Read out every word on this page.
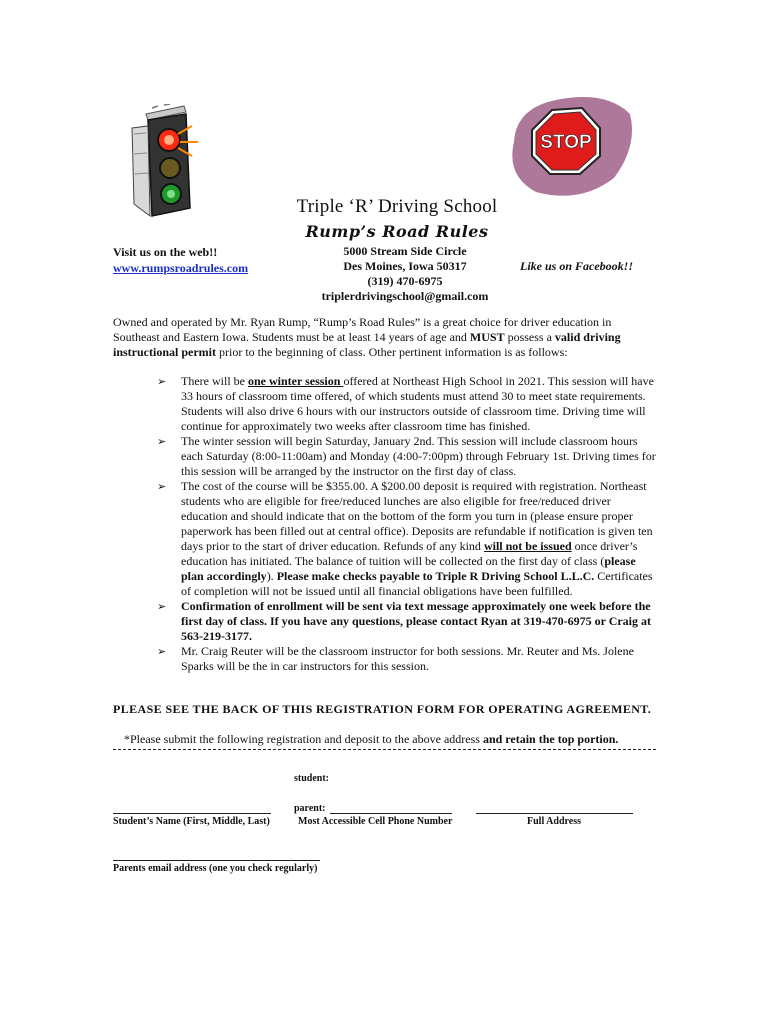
STOP
Triple ‘R’ Driving School
Rump’s Road Rules
Visit us on the web!!
www.rumpsroadrules.com
5000 Stream Side Circle
Des Moines, Iowa 50317
(319) 470-6975
triplerdrivingschool@gmail.com
Like us on Facebook!!
Owned and operated by Mr. Ryan Rump, “Rump’s Road Rules” is a great choice for driver education in Southeast and Eastern Iowa. Students must be at least 14 years of age and MUST possess a valid driving instructional permit prior to the beginning of class. Other pertinent information is as follows:
➢ There will be one winter session offered at Northeast High School in 2021. This session will have 33 hours of classroom time offered, of which students must attend 30 to meet state requirements. Students will also drive 6 hours with our instructors outside of classroom time. Driving time will continue for approximately two weeks after classroom time has finished.
➢ The winter session will begin Saturday, January 2nd. This session will include classroom hours each Saturday (8:00-11:00am) and Monday (4:00-7:00pm) through February 1st. Driving times for this session will be arranged by the instructor on the first day of class.
➢ The cost of the course will be $355.00. A $200.00 deposit is required with registration. Northeast students who are eligible for free/reduced lunches are also eligible for free/reduced driver education and should indicate that on the bottom of the form you turn in (please ensure proper paperwork has been filled out at central office). Deposits are refundable if notification is given ten days prior to the start of driver education. Refunds of any kind will not be issued once driver’s education has initiated. The balance of tuition will be collected on the first day of class (please plan accordingly). Please make checks payable to Triple R Driving School L.L.C. Certificates of completion will not be issued until all financial obligations have been fulfilled.
➢ Confirmation of enrollment will be sent via text message approximately one week before the first day of class. If you have any questions, please contact Ryan at 319-470-6975 or Craig at 563-219-3177.
➢ Mr. Craig Reuter will be the classroom instructor for both sessions. Mr. Reuter and Ms. Jolene Sparks will be the in car instructors for this session.
PLEASE SEE THE BACK OF THIS REGISTRATION FORM FOR OPERATING AGREEMENT.
*Please submit the following registration and deposit to the above address and retain the top portion.
student:
parent:
Student’s Name (First, Middle, Last)	Most Accessible Cell Phone Number	Full Address
Parents email address (one you check regularly)
